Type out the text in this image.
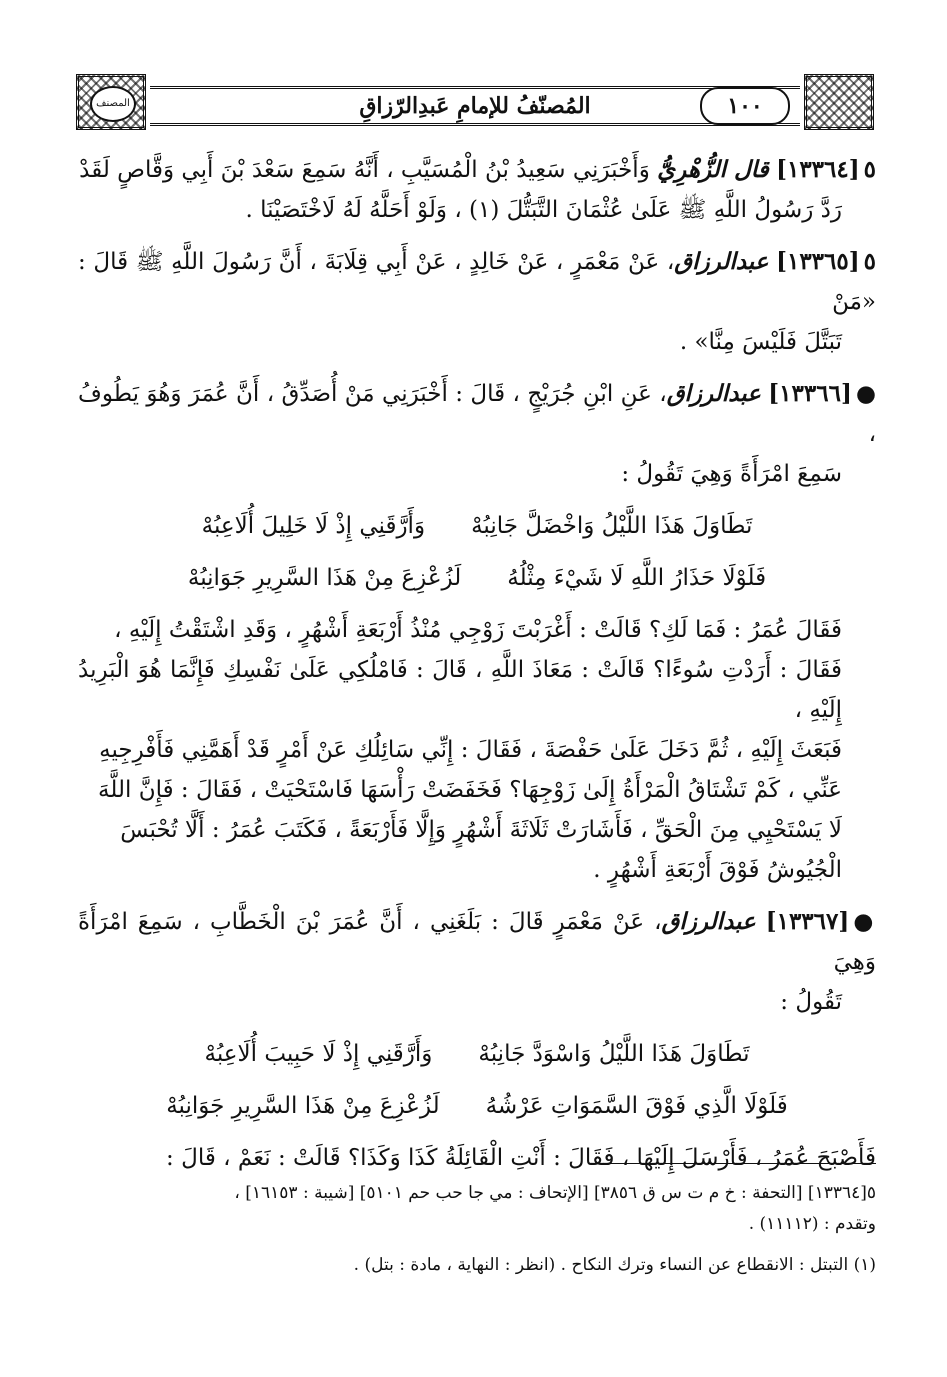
المصنف	المُصنّفُ للإمامِ عَبدِالرّزاقِ	١٠٠

٥[١٣٣٦٤] قال الزُّهْرِيُّ وَأَخْبَرَنِي سَعِيدُ بْنُ الْمُسَيَّبِ ، أَنَّهُ سَمِعَ سَعْدَ بْنَ أَبِي وَقَّاصٍ لَقَدْ

رَدَّ رَسُولُ اللَّهِ ﷺ عَلَىٰ عُثْمَانَ التَّبَتُّلَ (١) ، وَلَوْ أَحَلَّهُ لَهُ لَاخْتَصَيْنَا .

٥[١٣٣٦٥] عبدالرزاق، عَنْ مَعْمَرٍ ، عَنْ خَالِدٍ ، عَنْ أَبِي قِلَابَةَ ، أَنَّ رَسُولَ اللَّهِ ﷺ قَالَ : «مَنْ

تَبَتَّلَ فَلَيْسَ مِنَّا» .

●[١٣٣٦٦] عبدالرزاق، عَنِ ابْنِ جُرَيْجٍ ، قَالَ : أَخْبَرَنِي مَنْ أُصَدِّقُ ، أَنَّ عُمَرَ وَهُوَ يَطُوفُ ،

سَمِعَ امْرَأَةً وَهِيَ تَقُولُ :

تَطَاوَلَ هَذَا اللَّيْلُ وَاخْضَلَّ جَانِبُهْ
وَأَرَّقَنِي إِذْ لَا خَلِيلَ أُلَاعِبُهْ
فَلَوْلَا حَذَارُ اللَّهِ لَا شَيْءَ مِثْلُهُ
لَزُعْزِعَ مِنْ هَذَا السَّرِيرِ جَوَانِبُهْ

فَقَالَ عُمَرُ : فَمَا لَكِ؟ قَالَتْ : أَغْرَبْتَ زَوْجِي مُنْذُ أَرْبَعَةِ أَشْهُرٍ ، وَقَدِ اشْتَقْتُ إِلَيْهِ ،

فَقَالَ : أَرَدْتِ سُوءًا؟ قَالَتْ : مَعَاذَ اللَّهِ ، قَالَ : فَامْلُكِي عَلَىٰ نَفْسِكِ فَإِنَّمَا هُوَ الْبَرِيدُ إِلَيْهِ ،

فَبَعَثَ إِلَيْهِ ، ثُمَّ دَخَلَ عَلَىٰ حَفْصَةَ ، فَقَالَ : إِنِّي سَائِلُكِ عَنْ أَمْرٍ قَدْ أَهَمَّنِي فَأَفْرِجِيهِ

عَنِّي ، كَمْ تَشْتَاقُ الْمَرْأَةُ إِلَىٰ زَوْجِهَا؟ فَخَفَضَتْ رَأْسَهَا فَاسْتَحْيَتْ ، فَقَالَ : فَإِنَّ اللَّهَ

لَا يَسْتَحْيِي مِنَ الْحَقِّ ، فَأَشَارَتْ ثَلَاثَةَ أَشْهُرٍ وَإِلَّا فَأَرْبَعَةً ، فَكَتَبَ عُمَرُ : أَلَّا تُحْبَسَ

الْجُيُوشُ فَوْقَ أَرْبَعَةِ أَشْهُرٍ .

●[١٣٣٦٧] عبدالرزاق، عَنْ مَعْمَرٍ قَالَ : بَلَغَنِي ، أَنَّ عُمَرَ بْنَ الْخَطَّابِ ، سَمِعَ امْرَأَةً وَهِيَ

تَقُولُ :

تَطَاوَلَ هَذَا اللَّيْلُ وَاسْوَدَّ جَانِبُهْ
وَأَرَّقَنِي إِذْ لَا حَبِيبَ أُلَاعِبُهْ
فَلَوْلَا الَّذِي فَوْقَ السَّمَوَاتِ عَرْشُهُ
لَزُعْزِعَ مِنْ هَذَا السَّرِيرِ جَوَانِبُهْ

فَأَصْبَحَ عُمَرُ ، فَأَرْسَلَ إِلَيْهَا ، فَقَالَ : أَنْتِ الْقَائِلَةُ كَذَا وَكَذَا؟ قَالَتْ : نَعَمْ ، قَالَ :

٥[١٣٣٦٤] [التحفة : خ م ت س ق ٣٨٥٦] [الإتحاف : مي جا حب حم ٥١٠١] [شيبة : ١٦١٥٣] ،

وتقدم : (١١١١٢) .

(١) التبتل : الانقطاع عن النساء وترك النكاح . (انظر : النهاية ، مادة : بتل) .
